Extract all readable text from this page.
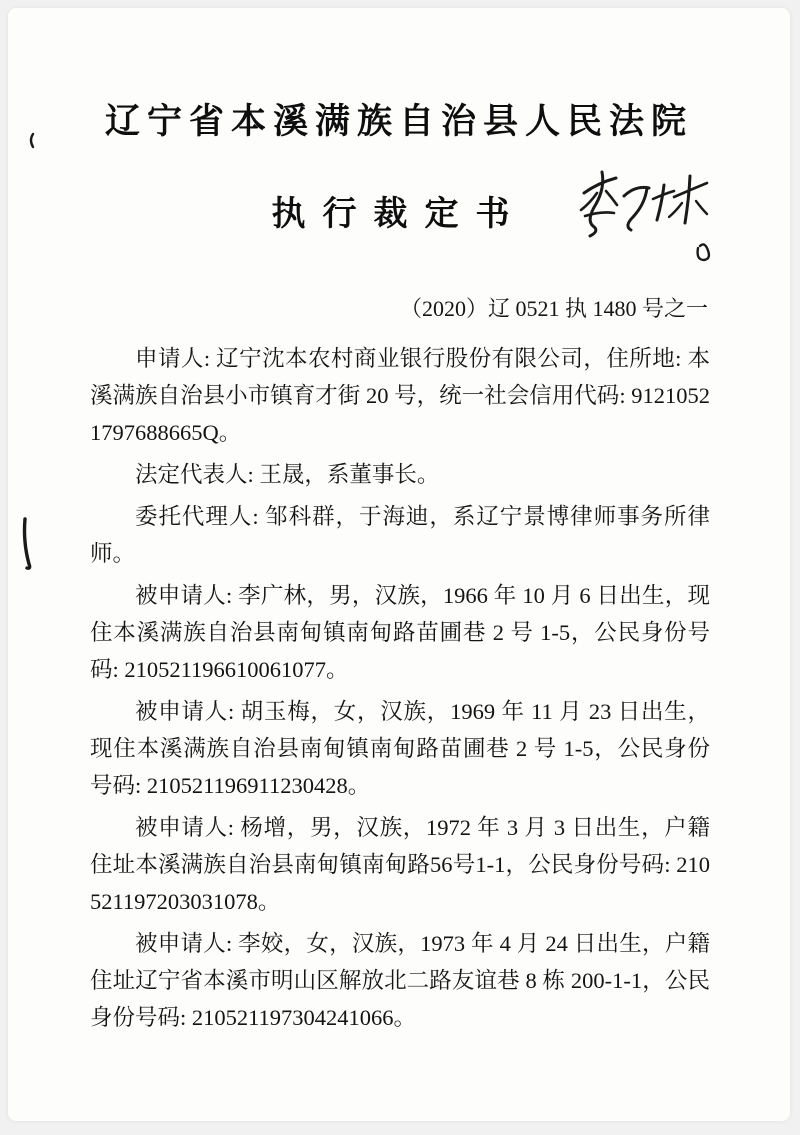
辽宁省本溪满族自治县人民法院
执行裁定书
（2020）辽 0521 执 1480 号之一

申请人: 辽宁沈本农村商业银行股份有限公司，住所地: 本溪满族自治县小市镇育才街 20 号，统一社会信用代码: 91210521797688665Q。

法定代表人: 王晟，系董事长。

委托代理人: 邹科群，于海迪，系辽宁景博律师事务所律师。

被申请人: 李广林，男，汉族，1966 年 10 月 6 日出生，现住本溪满族自治县南甸镇南甸路苗圃巷 2 号 1-5，公民身份号码: 210521196610061077。

被申请人: 胡玉梅，女，汉族，1969 年 11 月 23 日出生，现住本溪满族自治县南甸镇南甸路苗圃巷 2 号 1-5，公民身份号码: 210521196911230428。

被申请人: 杨增，男，汉族，1972 年 3 月 3 日出生，户籍住址本溪满族自治县南甸镇南甸路56号1-1，公民身份号码: 210521197203031078。

被申请人: 李姣，女，汉族，1973 年 4 月 24 日出生，户籍住址辽宁省本溪市明山区解放北二路友谊巷 8 栋 200-1-1，公民身份号码: 210521197304241066。
